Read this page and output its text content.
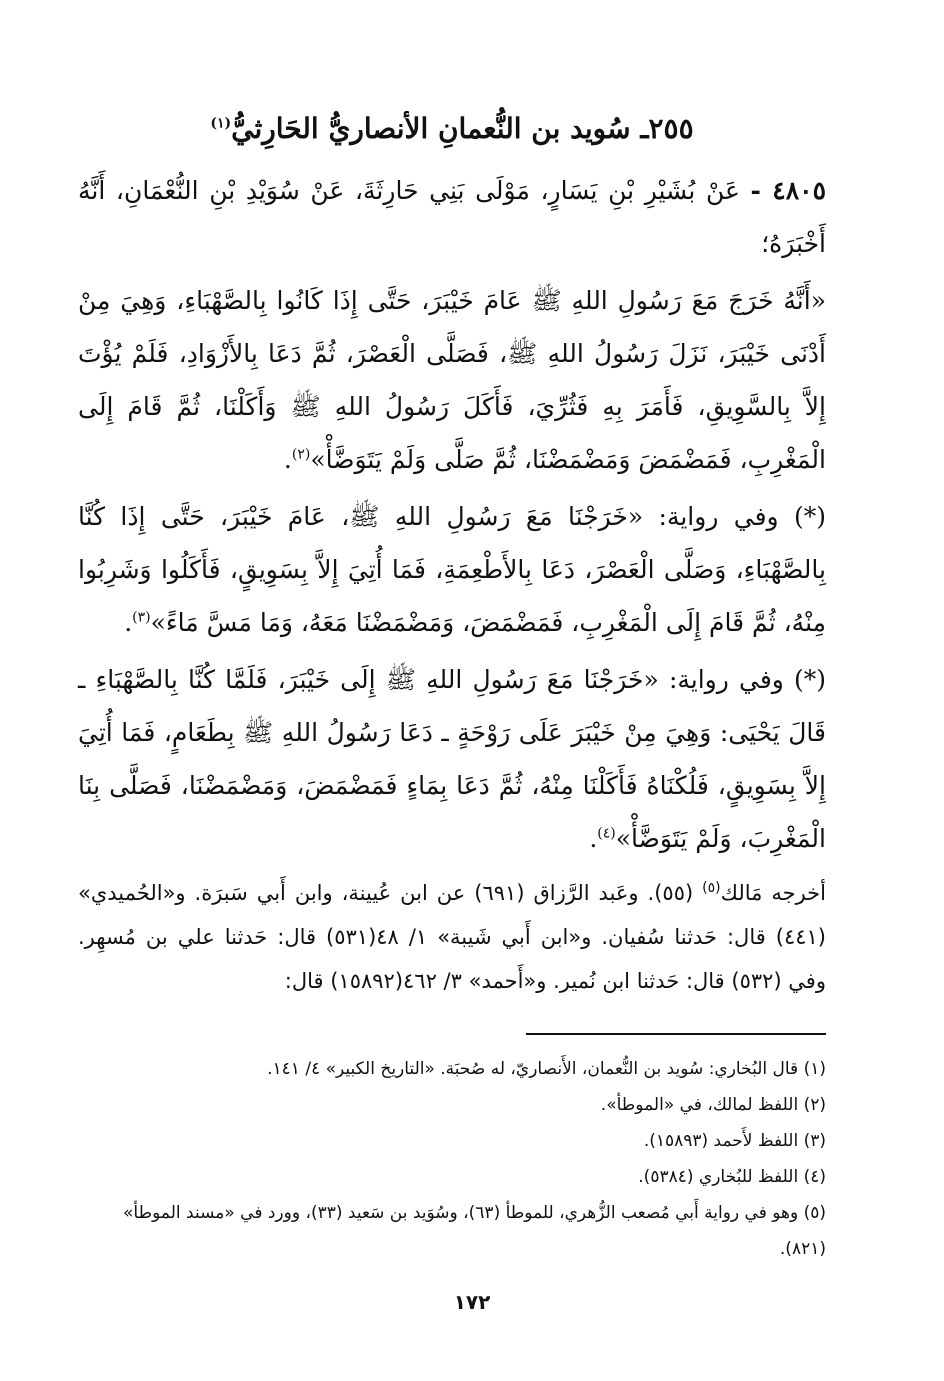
٢٥٥ـ سُويد بن النُّعمانِ الأنصاريُّ الحَارِثيُّ$^{(١)}$

٤٨٠٥ - عَنْ بُشَيْرِ بْنِ يَسَارٍ، مَوْلَى بَنِي حَارِثَةَ، عَنْ سُوَيْدِ بْنِ النُّعْمَانِ، أَنَّهُ أَخْبَرَهُ؛

«أَنَّهُ خَرَجَ مَعَ رَسُولِ اللهِ ﷺ عَامَ خَيْبَرَ، حَتَّى إِذَا كَانُوا بِالصَّهْبَاءِ، وَهِيَ مِنْ أَدْنَى خَيْبَرَ، نَزَلَ رَسُولُ اللهِ ﷺ، فَصَلَّى الْعَصْرَ، ثُمَّ دَعَا بِالأَزْوَادِ، فَلَمْ يُؤْتَ إِلاَّ بِالسَّوِيقِ، فَأَمَرَ بِهِ فَثُرِّيَ، فَأَكَلَ رَسُولُ اللهِ ﷺ وَأَكَلْنَا، ثُمَّ قَامَ إِلَى الْمَغْرِبِ، فَمَضْمَضَ وَمَضْمَضْنَا، ثُمَّ صَلَّى وَلَمْ يَتَوَضَّأْ»$^{(٢)}$.

(*) وفي رواية: «خَرَجْنَا مَعَ رَسُولِ اللهِ ﷺ، عَامَ خَيْبَرَ، حَتَّى إِذَا كُنَّا بِالصَّهْبَاءِ، وَصَلَّى الْعَصْرَ، دَعَا بِالأَطْعِمَةِ، فَمَا أُتِيَ إِلاَّ بِسَوِيقٍ، فَأَكَلُوا وَشَرِبُوا مِنْهُ، ثُمَّ قَامَ إِلَى الْمَغْرِبِ، فَمَضْمَضَ، وَمَضْمَضْنَا مَعَهُ، وَمَا مَسَّ مَاءً»$^{(٣)}$.

(*) وفي رواية: «خَرَجْنَا مَعَ رَسُولِ اللهِ ﷺ إِلَى خَيْبَرَ، فَلَمَّا كُنَّا بِالصَّهْبَاءِ ـ قَالَ يَحْيَى: وَهِيَ مِنْ خَيْبَرَ عَلَى رَوْحَةٍ ـ دَعَا رَسُولُ اللهِ ﷺ بِطَعَامٍ، فَمَا أُتِيَ إِلاَّ بِسَوِيقٍ، فَلُكْنَاهُ فَأَكَلْنَا مِنْهُ، ثُمَّ دَعَا بِمَاءٍ فَمَضْمَضَ، وَمَضْمَضْنَا، فَصَلَّى بِنَا الْمَغْرِبَ، وَلَمْ يَتَوَضَّأْ»$^{(٤)}$.

أخرجه مَالك$^{(٥)}$ (٥٥). وعَبد الرَّزاق (٦٩١) عن ابن عُيينة، وابن أَبي سَبرَة. و«الحُميدي» (٤٤١) قال: حَدثنا سُفيان. و«ابن أَبي شَيبة» ١/ ٤٨(٥٣١) قال: حَدثنا علي بن مُسهِر. وفي (٥٣٢) قال: حَدثنا ابن نُمير. و«أَحمد» ٣/ ٤٦٢(١٥٨٩٢) قال:

(١) قال البُخاري: سُويد بن النُّعمان، الأَنصاريّ، له صُحبَة. «التاريخ الكبير» ٤/ ١٤١.

(٢) اللفظ لمالك، في «الموطأ».

(٣) اللفظ لأَحمد (١٥٨٩٣).

(٤) اللفظ للبُخاري (٥٣٨٤).

(٥) وهو في رواية أَبي مُصعب الزُّهري، للموطأ (٦٣)، وسُوَيد بن سَعيد (٣٣)، وورد في «مسند الموطأ» (٨٢١).

١٧٢
